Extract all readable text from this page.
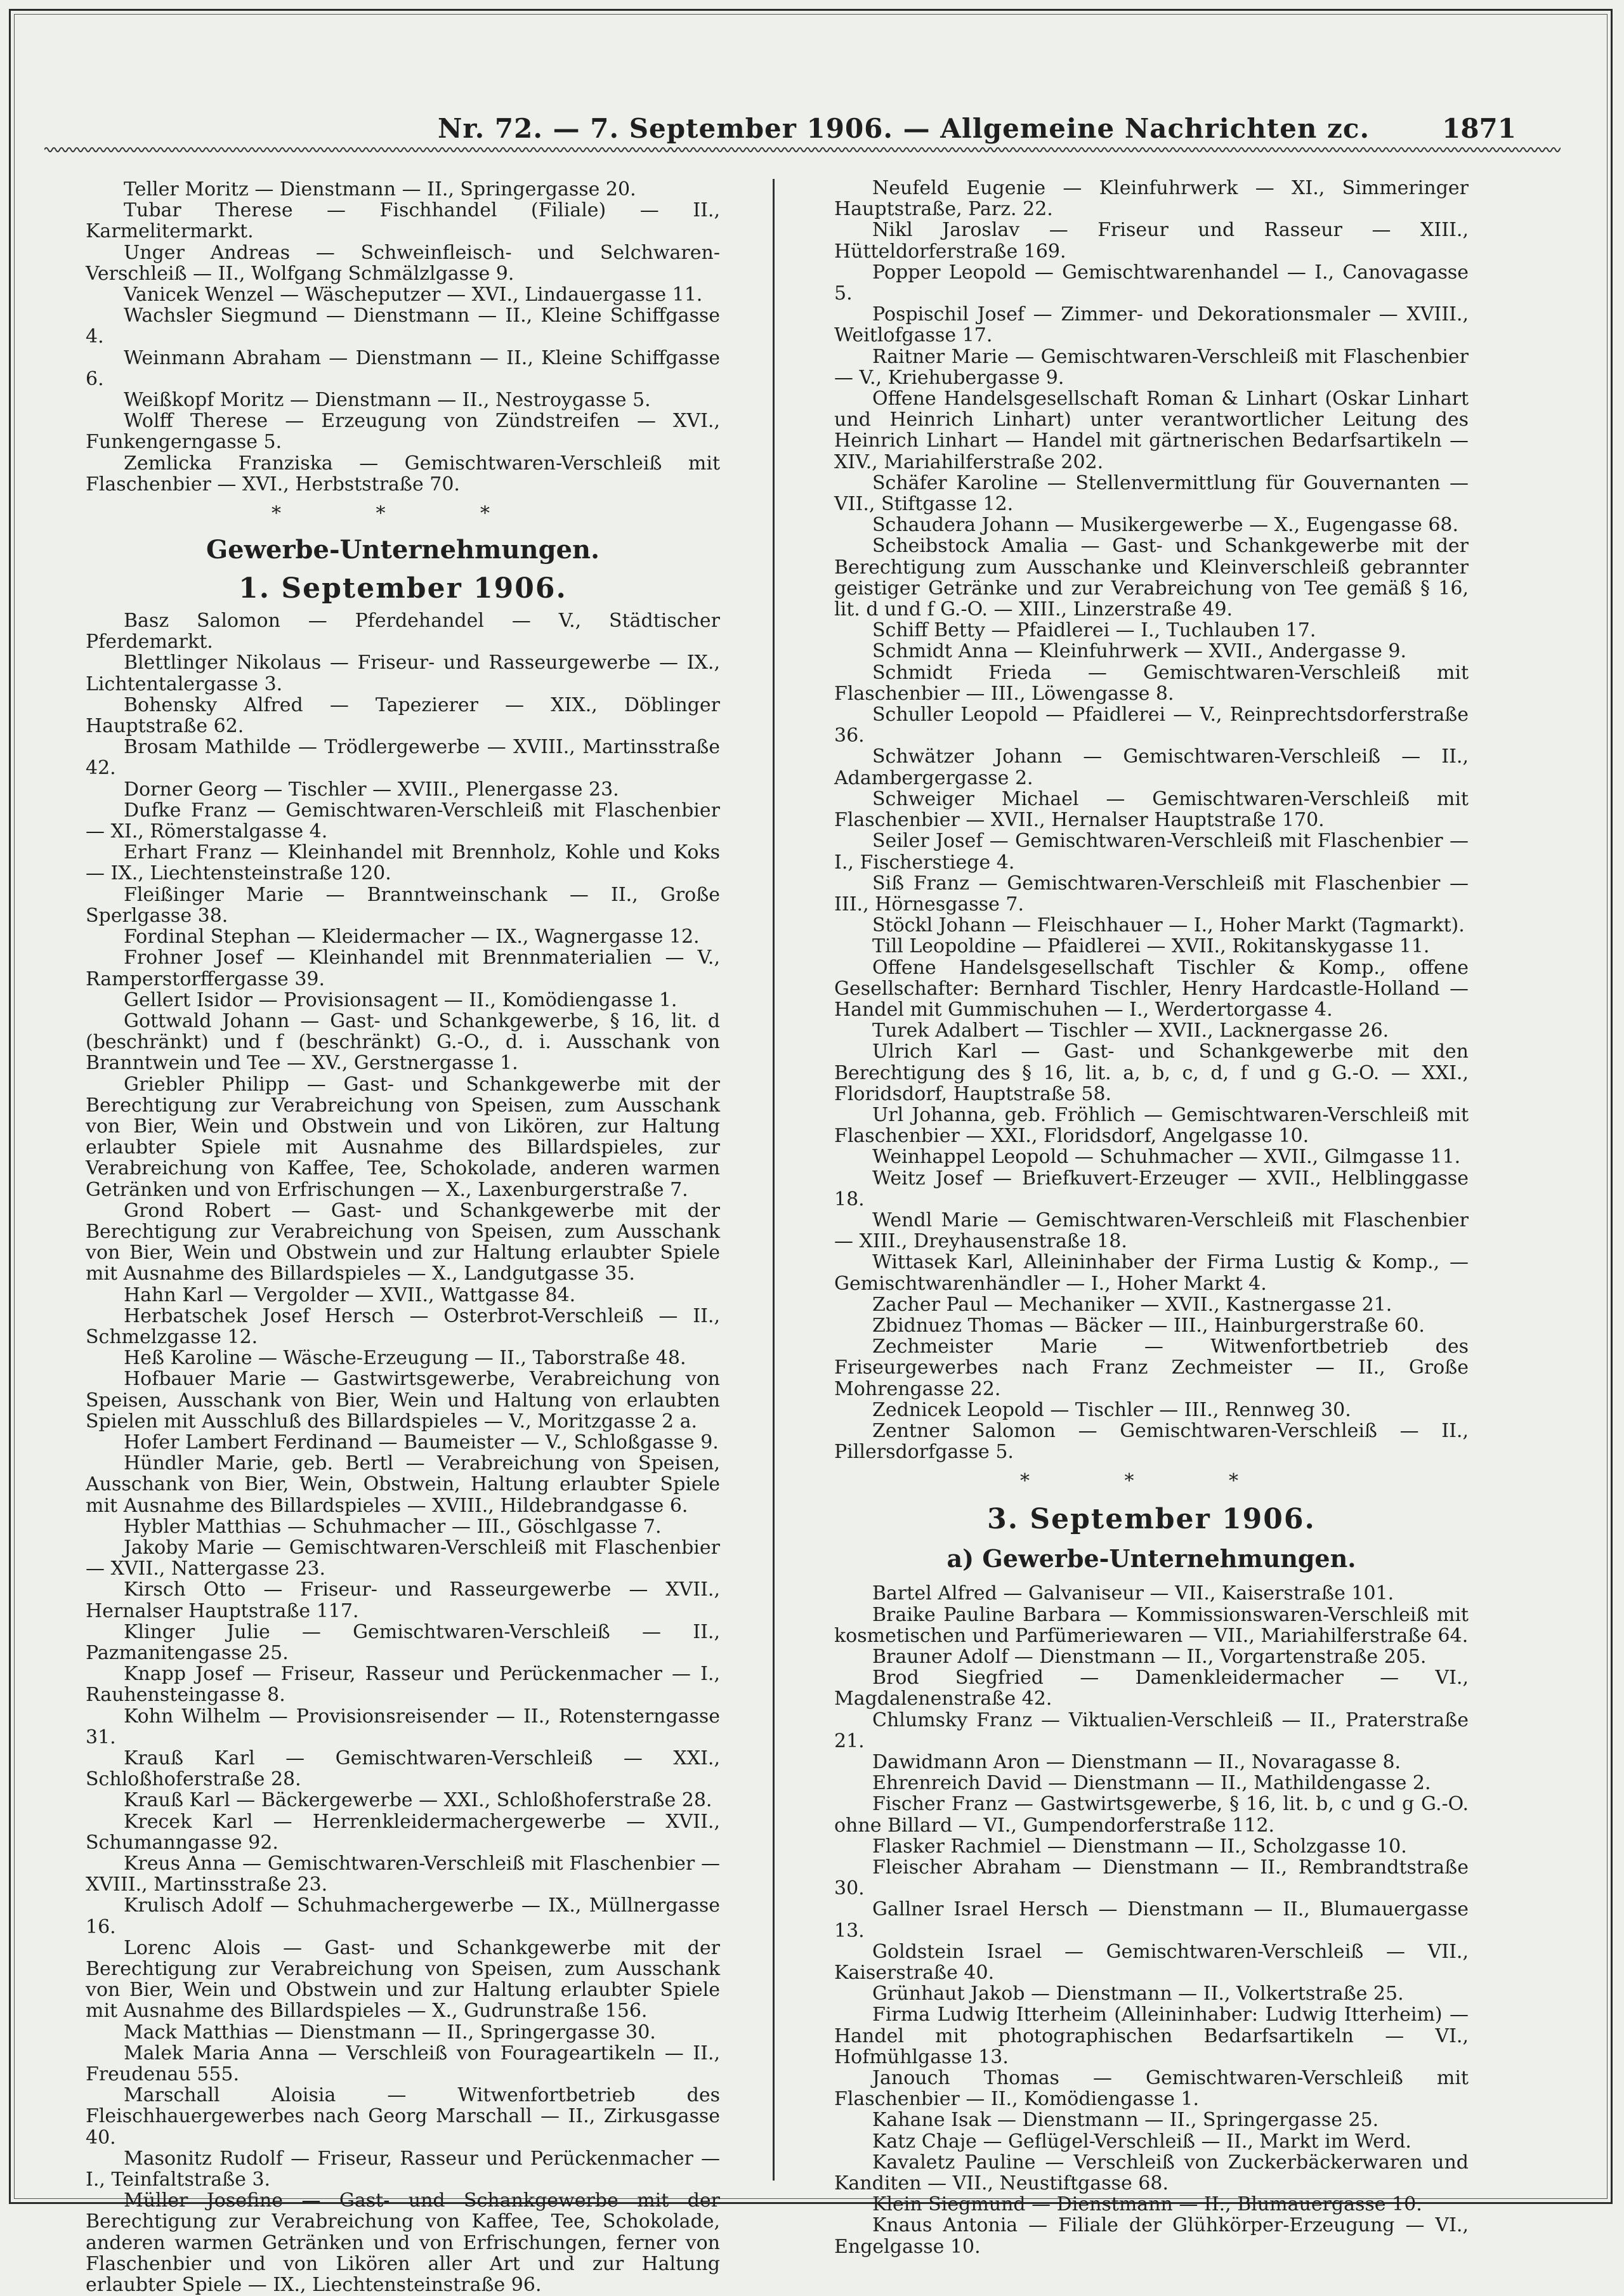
Nr. 72. — 7. September 1906. — Allgemeine Nachrichten zc.	1871

Teller Moritz — Dienstmann — II., Springergasse 20.

Tubar Therese — Fischhandel (Filiale) — II., Karmelitermarkt.

Unger Andreas — Schweinfleisch- und Selchwaren-Verschleiß — II., Wolfgang Schmälzlgasse 9.

Vanicek Wenzel — Wäscheputzer — XVI., Lindauergasse 11.

Wachsler Siegmund — Dienstmann — II., Kleine Schiffgasse 4.

Weinmann Abraham — Dienstmann — II., Kleine Schiffgasse 6.

Weißkopf Moritz — Dienstmann — II., Nestroygasse 5.

Wolff Therese — Erzeugung von Zündstreifen — XVI., Funkengerngasse 5.

Zemlicka Franziska — Gemischtwaren-Verschleiß mit Flaschenbier — XVI., Herbststraße 70.

* * *
Gewerbe-Unternehmungen.
1. September 1906.

Basz Salomon — Pferdehandel — V., Städtischer Pferdemarkt.

Blettlinger Nikolaus — Friseur- und Rasseurgewerbe — IX., Lichtentalergasse 3.

Bohensky Alfred — Tapezierer — XIX., Döblinger Hauptstraße 62.

Brosam Mathilde — Trödlergewerbe — XVIII., Martinsstraße 42.

Dorner Georg — Tischler — XVIII., Plenergasse 23.

Dufke Franz — Gemischtwaren-Verschleiß mit Flaschenbier — XI., Römerstalgasse 4.

Erhart Franz — Kleinhandel mit Brennholz, Kohle und Koks — IX., Liechtensteinstraße 120.

Fleißinger Marie — Branntweinschank — II., Große Sperlgasse 38.

Fordinal Stephan — Kleidermacher — IX., Wagnergasse 12.

Frohner Josef — Kleinhandel mit Brennmaterialien — V., Ramperstorffergasse 39.

Gellert Isidor — Provisionsagent — II., Komödiengasse 1.

Gottwald Johann — Gast- und Schankgewerbe, § 16, lit. d (beschränkt) und f (beschränkt) G.-O., d. i. Ausschank von Branntwein und Tee — XV., Gerstnergasse 1.

Griebler Philipp — Gast- und Schankgewerbe mit der Berechtigung zur Verabreichung von Speisen, zum Ausschank von Bier, Wein und Obstwein und von Likören, zur Haltung erlaubter Spiele mit Ausnahme des Billardspieles, zur Verabreichung von Kaffee, Tee, Schokolade, anderen warmen Getränken und von Erfrischungen — X., Laxenburgerstraße 7.

Grond Robert — Gast- und Schankgewerbe mit der Berechtigung zur Verabreichung von Speisen, zum Ausschank von Bier, Wein und Obstwein und zur Haltung erlaubter Spiele mit Ausnahme des Billardspieles — X., Landgutgasse 35.

Hahn Karl — Vergolder — XVII., Wattgasse 84.

Herbatschek Josef Hersch — Osterbrot-Verschleiß — II., Schmelzgasse 12.

Heß Karoline — Wäsche-Erzeugung — II., Taborstraße 48.

Hofbauer Marie — Gastwirtsgewerbe, Verabreichung von Speisen, Ausschank von Bier, Wein und Haltung von erlaubten Spielen mit Ausschluß des Billardspieles — V., Moritzgasse 2 a.

Hofer Lambert Ferdinand — Baumeister — V., Schloßgasse 9.

Hündler Marie, geb. Bertl — Verabreichung von Speisen, Ausschank von Bier, Wein, Obstwein, Haltung erlaubter Spiele mit Ausnahme des Billardspieles — XVIII., Hildebrandgasse 6.

Hybler Matthias — Schuhmacher — III., Göschlgasse 7.

Jakoby Marie — Gemischtwaren-Verschleiß mit Flaschenbier — XVII., Nattergasse 23.

Kirsch Otto — Friseur- und Rasseurgewerbe — XVII., Hernalser Hauptstraße 117.

Klinger Julie — Gemischtwaren-Verschleiß — II., Pazmanitengasse 25.

Knapp Josef — Friseur, Rasseur und Perückenmacher — I., Rauhensteingasse 8.

Kohn Wilhelm — Provisionsreisender — II., Rotensterngasse 31.

Krauß Karl — Gemischtwaren-Verschleiß — XXI., Schloßhoferstraße 28.

Krauß Karl — Bäckergewerbe — XXI., Schloßhoferstraße 28.

Krecek Karl — Herrenkleidermachergewerbe — XVII., Schumanngasse 92.

Kreus Anna — Gemischtwaren-Verschleiß mit Flaschenbier — XVIII., Martinsstraße 23.

Krulisch Adolf — Schuhmachergewerbe — IX., Müllnergasse 16.

Lorenc Alois — Gast- und Schankgewerbe mit der Berechtigung zur Verabreichung von Speisen, zum Ausschank von Bier, Wein und Obstwein und zur Haltung erlaubter Spiele mit Ausnahme des Billardspieles — X., Gudrunstraße 156.

Mack Matthias — Dienstmann — II., Springergasse 30.

Malek Maria Anna — Verschleiß von Fourageartikeln — II., Freudenau 555.

Marschall Aloisia — Witwenfortbetrieb des Fleischhauergewerbes nach Georg Marschall — II., Zirkusgasse 40.

Masonitz Rudolf — Friseur, Rasseur und Perückenmacher — I., Teinfaltstraße 3.

Müller Josefine — Gast- und Schankgewerbe mit der Berechtigung zur Verabreichung von Kaffee, Tee, Schokolade, anderen warmen Getränken und von Erfrischungen, ferner von Flaschenbier und von Likören aller Art und zur Haltung erlaubter Spiele — IX., Liechtensteinstraße 96.

Neufeld Eugenie — Kleinfuhrwerk — XI., Simmeringer Hauptstraße, Parz. 22.

Nikl Jaroslav — Friseur und Rasseur — XIII., Hütteldorferstraße 169.

Popper Leopold — Gemischtwarenhandel — I., Canovagasse 5.

Pospischil Josef — Zimmer- und Dekorationsmaler — XVIII., Weitlofgasse 17.

Raitner Marie — Gemischtwaren-Verschleiß mit Flaschenbier — V., Kriehubergasse 9.

Offene Handelsgesellschaft Roman & Linhart (Oskar Linhart und Heinrich Linhart) unter verantwortlicher Leitung des Heinrich Linhart — Handel mit gärtnerischen Bedarfsartikeln — XIV., Mariahilferstraße 202.

Schäfer Karoline — Stellenvermittlung für Gouvernanten — VII., Stiftgasse 12.

Schaudera Johann — Musikergewerbe — X., Eugengasse 68.

Scheibstock Amalia — Gast- und Schankgewerbe mit der Berechtigung zum Ausschanke und Kleinverschleiß gebrannter geistiger Getränke und zur Verabreichung von Tee gemäß § 16, lit. d und f G.-O. — XIII., Linzerstraße 49.

Schiff Betty — Pfaidlerei — I., Tuchlauben 17.

Schmidt Anna — Kleinfuhrwerk — XVII., Andergasse 9.

Schmidt Frieda — Gemischtwaren-Verschleiß mit Flaschenbier — III., Löwengasse 8.

Schuller Leopold — Pfaidlerei — V., Reinprechtsdorferstraße 36.

Schwätzer Johann — Gemischtwaren-Verschleiß — II., Adambergergasse 2.

Schweiger Michael — Gemischtwaren-Verschleiß mit Flaschenbier — XVII., Hernalser Hauptstraße 170.

Seiler Josef — Gemischtwaren-Verschleiß mit Flaschenbier — I., Fischerstiege 4.

Siß Franz — Gemischtwaren-Verschleiß mit Flaschenbier — III., Hörnesgasse 7.

Stöckl Johann — Fleischhauer — I., Hoher Markt (Tagmarkt).

Till Leopoldine — Pfaidlerei — XVII., Rokitanskygasse 11.

Offene Handelsgesellschaft Tischler & Komp., offene Gesellschafter: Bernhard Tischler, Henry Hardcastle-Holland — Handel mit Gummischuhen — I., Werdertorgasse 4.

Turek Adalbert — Tischler — XVII., Lacknergasse 26.

Ulrich Karl — Gast- und Schankgewerbe mit den Berechtigung des § 16, lit. a, b, c, d, f und g G.-O. — XXI., Floridsdorf, Hauptstraße 58.

Url Johanna, geb. Fröhlich — Gemischtwaren-Verschleiß mit Flaschenbier — XXI., Floridsdorf, Angelgasse 10.

Weinhappel Leopold — Schuhmacher — XVII., Gilmgasse 11.

Weitz Josef — Briefkuvert-Erzeuger — XVII., Helblinggasse 18.

Wendl Marie — Gemischtwaren-Verschleiß mit Flaschenbier — XIII., Dreyhausenstraße 18.

Wittasek Karl, Alleininhaber der Firma Lustig & Komp., — Gemischtwarenhändler — I., Hoher Markt 4.

Zacher Paul — Mechaniker — XVII., Kastnergasse 21.

Zbidnuez Thomas — Bäcker — III., Hainburgerstraße 60.

Zechmeister Marie — Witwenfortbetrieb des Friseurgewerbes nach Franz Zechmeister — II., Große Mohrengasse 22.

Zednicek Leopold — Tischler — III., Rennweg 30.

Zentner Salomon — Gemischtwaren-Verschleiß — II., Pillersdorfgasse 5.

* * *
3. September 1906.
a) Gewerbe-Unternehmungen.

Bartel Alfred — Galvaniseur — VII., Kaiserstraße 101.

Braike Pauline Barbara — Kommissionswaren-Verschleiß mit kosmetischen und Parfümeriewaren — VII., Mariahilferstraße 64.

Brauner Adolf — Dienstmann — II., Vorgartenstraße 205.

Brod Siegfried — Damenkleidermacher — VI., Magdalenenstraße 42.

Chlumsky Franz — Viktualien-Verschleiß — II., Praterstraße 21.

Dawidmann Aron — Dienstmann — II., Novaragasse 8.

Ehrenreich David — Dienstmann — II., Mathildengasse 2.

Fischer Franz — Gastwirtsgewerbe, § 16, lit. b, c und g G.-O. ohne Billard — VI., Gumpendorferstraße 112.

Flasker Rachmiel — Dienstmann — II., Scholzgasse 10.

Fleischer Abraham — Dienstmann — II., Rembrandtstraße 30.

Gallner Israel Hersch — Dienstmann — II., Blumauergasse 13.

Goldstein Israel — Gemischtwaren-Verschleiß — VII., Kaiserstraße 40.

Grünhaut Jakob — Dienstmann — II., Volkertstraße 25.

Firma Ludwig Itterheim (Alleininhaber: Ludwig Itterheim) — Handel mit photographischen Bedarfsartikeln — VI., Hofmühlgasse 13.

Janouch Thomas — Gemischtwaren-Verschleiß mit Flaschenbier — II., Komödiengasse 1.

Kahane Isak — Dienstmann — II., Springergasse 25.

Katz Chaje — Geflügel-Verschleiß — II., Markt im Werd.

Kavaletz Pauline — Verschleiß von Zuckerbäckerwaren und Kanditen — VII., Neustiftgasse 68.

Klein Siegmund — Dienstmann — II., Blumauergasse 10.

Knaus Antonia — Filiale der Glühkörper-Erzeugung — VI., Engelgasse 10.
